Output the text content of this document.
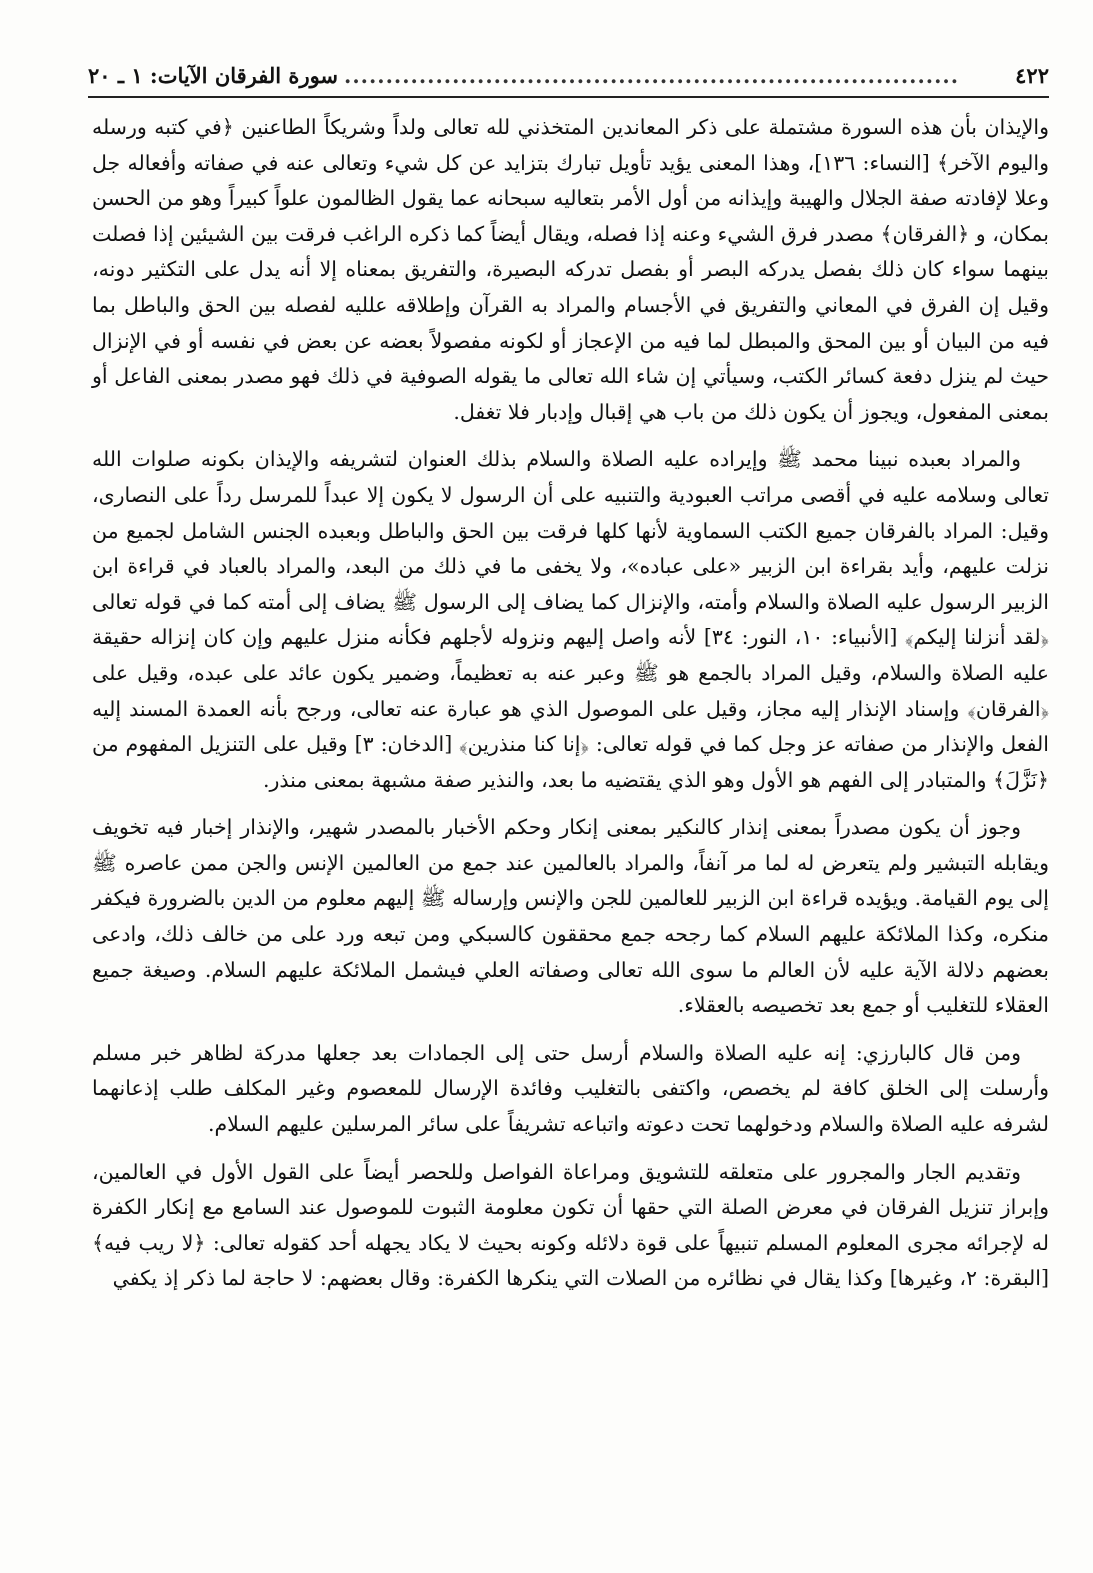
٤٢٢
..........................................................................
سورة الفرقان الآيات: ١ ـ ٢٠

والإيذان بأن هذه السورة مشتملة على ذكر المعاندين المتخذني لله تعالى ولداً وشريكاً الطاعنين ﴿في كتبه ورسله واليوم الآخر﴾ [النساء: ١٣٦]، وهذا المعنى يؤيد تأويل تبارك بتزايد عن كل شيء وتعالى عنه في صفاته وأفعاله جل وعلا لإفادته صفة الجلال والهيبة وإيذانه من أول الأمر بتعاليه سبحانه عما يقول الظالمون علواً كبيراً وهو من الحسن بمكان، و ﴿الفرقان﴾ مصدر فرق الشيء وعنه إذا فصله، ويقال أيضاً كما ذكره الراغب فرقت بين الشيئين إذا فصلت بينهما سواء كان ذلك بفصل يدركه البصر أو بفصل تدركه البصيرة، والتفريق بمعناه إلا أنه يدل على التكثير دونه، وقيل إن الفرق في المعاني والتفريق في الأجسام والمراد به القرآن وإطلاقه علليه لفصله بين الحق والباطل بما فيه من البيان أو بين المحق والمبطل لما فيه من الإعجاز أو لكونه مفصولاً بعضه عن بعض في نفسه أو في الإنزال حيث لم ينزل دفعة كسائر الكتب، وسيأتي إن شاء الله تعالى ما يقوله الصوفية في ذلك فهو مصدر بمعنى الفاعل أو بمعنى المفعول، ويجوز أن يكون ذلك من باب هي إقبال وإدبار فلا تغفل.

والمراد بعبده نبينا محمد ﷺ وإيراده عليه الصلاة والسلام بذلك العنوان لتشريفه والإيذان بكونه صلوات الله تعالى وسلامه عليه في أقصى مراتب العبودية والتنبيه على أن الرسول لا يكون إلا عبداً للمرسل رداً على النصارى، وقيل: المراد بالفرقان جميع الكتب السماوية لأنها كلها فرقت بين الحق والباطل وبعبده الجنس الشامل لجميع من نزلت عليهم، وأيد بقراءة ابن الزبير «على عباده»، ولا يخفى ما في ذلك من البعد، والمراد بالعباد في قراءة ابن الزبير الرسول عليه الصلاة والسلام وأمته، والإنزال كما يضاف إلى الرسول ﷺ يضاف إلى أمته كما في قوله تعالى ﴿لقد أنزلنا إليكم﴾ [الأنبياء: ١٠، النور: ٣٤] لأنه واصل إليهم ونزوله لأجلهم فكأنه منزل عليهم وإن كان إنزاله حقيقة عليه الصلاة والسلام، وقيل المراد بالجمع هو ﷺ وعبر عنه به تعظيماً، وضمير يكون عائد على عبده، وقيل على ﴿الفرقان﴾ وإسناد الإنذار إليه مجاز، وقيل على الموصول الذي هو عبارة عنه تعالى، ورجح بأنه العمدة المسند إليه الفعل والإنذار من صفاته عز وجل كما في قوله تعالى: ﴿إنا كنا منذرين﴾ [الدخان: ٣] وقيل على التنزيل المفهوم من ﴿نَزَّلَ﴾ والمتبادر إلى الفهم هو الأول وهو الذي يقتضيه ما بعد، والنذير صفة مشبهة بمعنى منذر.

وجوز أن يكون مصدراً بمعنى إنذار كالنكير بمعنى إنكار وحكم الأخبار بالمصدر شهير، والإنذار إخبار فيه تخويف ويقابله التبشير ولم يتعرض له لما مر آنفاً، والمراد بالعالمين عند جمع من العالمين الإنس والجن ممن عاصره ﷺ إلى يوم القيامة. ويؤيده قراءة ابن الزبير للعالمين للجن والإنس وإرساله ﷺ إليهم معلوم من الدين بالضرورة فيكفر منكره، وكذا الملائكة عليهم السلام كما رجحه جمع محققون كالسبكي ومن تبعه ورد على من خالف ذلك، وادعى بعضهم دلالة الآية عليه لأن العالم ما سوى الله تعالى وصفاته العلي فيشمل الملائكة عليهم السلام. وصيغة جميع العقلاء للتغليب أو جمع بعد تخصيصه بالعقلاء.

ومن قال كالبارزي: إنه عليه الصلاة والسلام أرسل حتى إلى الجمادات بعد جعلها مدركة لظاهر خبر مسلم وأرسلت إلى الخلق كافة لم يخصص، واكتفى بالتغليب وفائدة الإرسال للمعصوم وغير المكلف طلب إذعانهما لشرفه عليه الصلاة والسلام ودخولهما تحت دعوته واتباعه تشريفاً على سائر المرسلين عليهم السلام.

وتقديم الجار والمجرور على متعلقه للتشويق ومراعاة الفواصل وللحصر أيضاً على القول الأول في العالمين، وإبراز تنزيل الفرقان في معرض الصلة التي حقها أن تكون معلومة الثبوت للموصول عند السامع مع إنكار الكفرة له لإجرائه مجرى المعلوم المسلم تنبيهاً على قوة دلائله وكونه بحيث لا يكاد يجهله أحد كقوله تعالى: ﴿لا ريب فيه﴾ [البقرة: ٢، وغيرها] وكذا يقال في نظائره من الصلات التي ينكرها الكفرة: وقال بعضهم: لا حاجة لما ذكر إذ يكفي
